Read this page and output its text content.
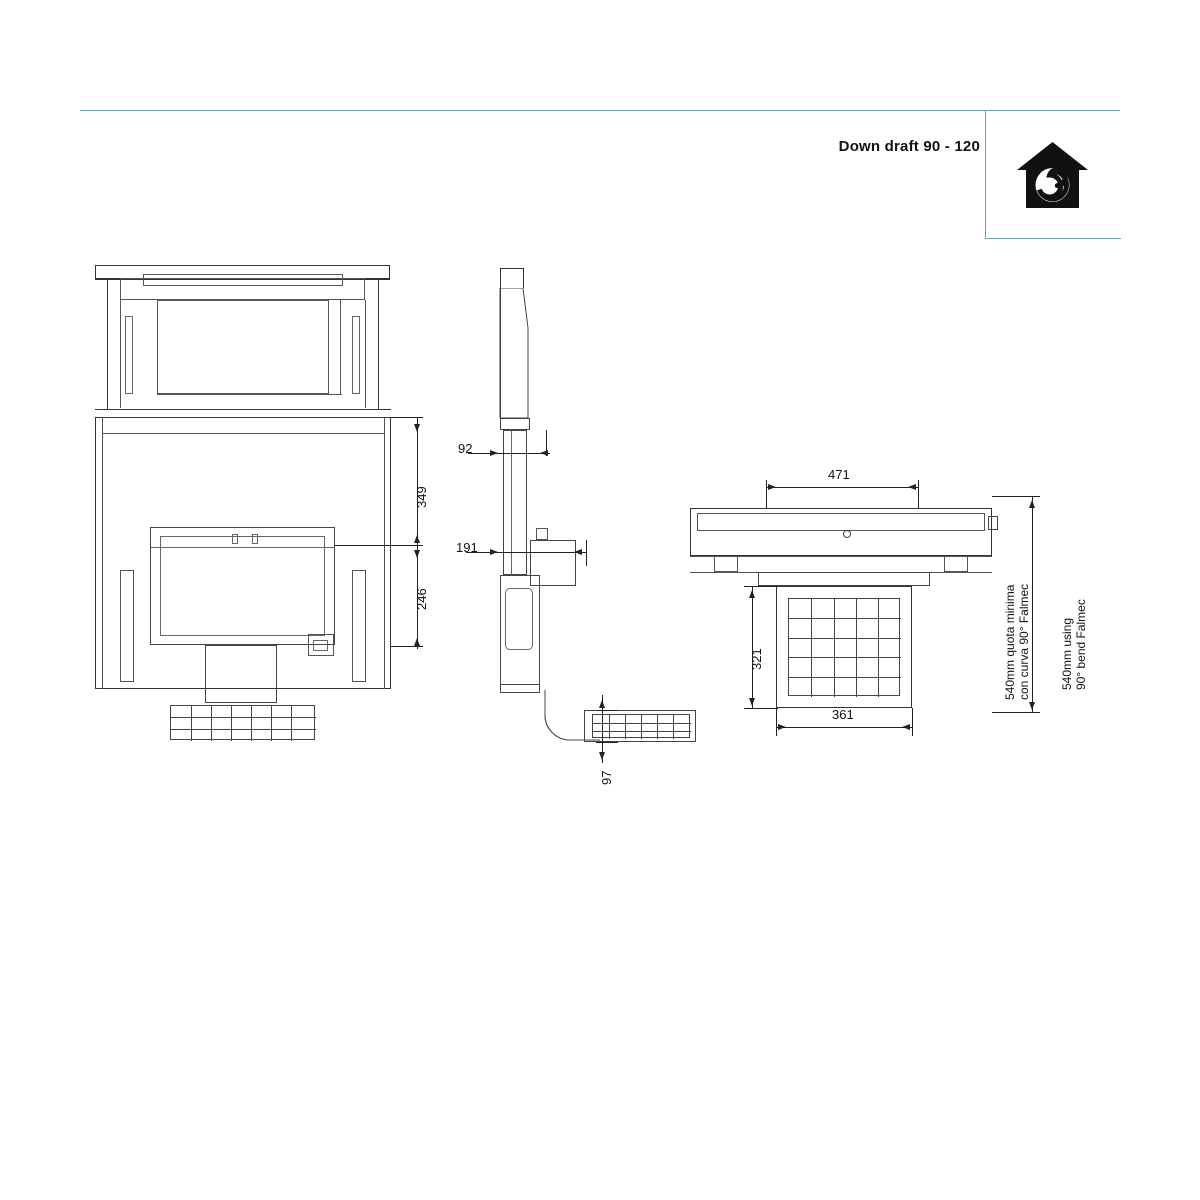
Down draft 90 - 120
349
246
92
191
97
471
321
361
540mm quota minima con curva 90° Falmec 540mm using 90° bend Falmec
